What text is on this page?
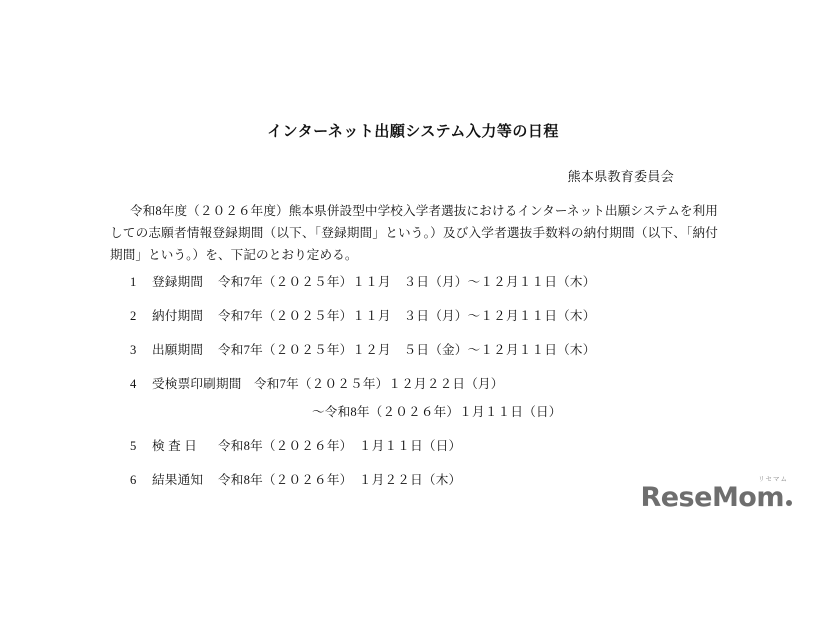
インターネット出願システム入力等の日程
熊本県教育委員会
令和8年度（２０２６年度）熊本県併設型中学校入学者選抜におけるインターネット出願システムを利用しての志願者情報登録期間（以下、「登録期間」という。）及び入学者選抜手数料の納付期間（以下、「納付期間」という。）を、下記のとおり定める。
1	登録期間 令和7年（２０２５年）１１月　３日（月）～１２月１１日（木）
2	納付期間 令和7年（２０２５年）１１月　３日（月）～１２月１１日（木）
3	出願期間 令和7年（２０２５年）１２月　５日（金）～１２月１１日（木）
4	受検票印刷期間 令和7年（２０２５年）１２月２２日（月）
～令和8年（２０２６年）１月１１日（日）
5	検 査 日 令和8年（２０２６年）　１月１１日（日）
6	結果通知 令和8年（２０２６年）　１月２２日（木）	リセマム
ReseMom
